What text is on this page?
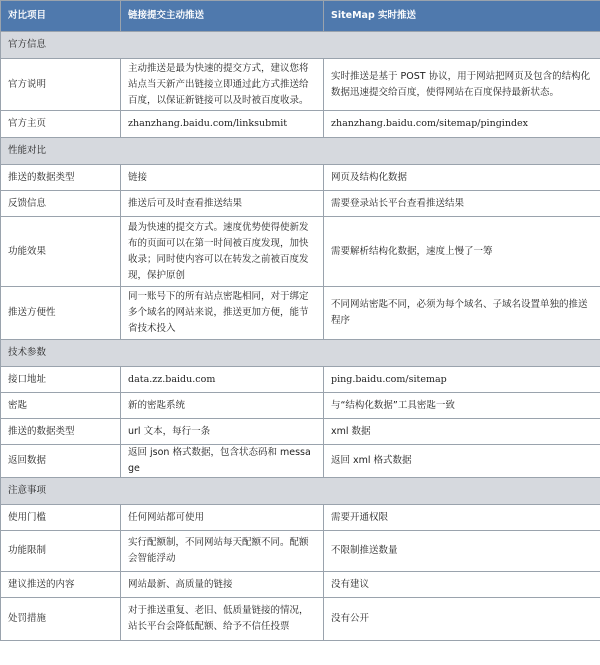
对比项目	链接提交主动推送	SiteMap 实时推送
官方信息		
官方说明	主动推送是最为快速的提交方式，建议您将站点当天新产出链接立即通过此方式推送给百度，以保证新链接可以及时被百度收录。	实时推送是基于 POST 协议，用于网站把网页及包含的结构化数据迅速提交给百度，使得网站在百度保持最新状态。
官方主页	zhanzhang.baidu.com/linksubmit	zhanzhang.baidu.com/sitemap/pingindex
性能对比		
推送的数据类型	链接	网页及结构化数据
反馈信息	推送后可及时查看推送结果	需要登录站长平台查看推送结果
功能效果	最为快速的提交方式。速度优势使得使新发布的页面可以在第一时间被百度发现，加快收录；同时使内容可以在转发之前被百度发现，保护原创	需要解析结构化数据，速度上慢了一筹
推送方便性	同一账号下的所有站点密匙相同，对于绑定多个域名的网站来说，推送更加方便，能节省技术投入	不同网站密匙不同，必须为每个域名、子域名设置单独的推送程序
技术参数		
接口地址	data.zz.baidu.com	ping.baidu.com/sitemap
密匙	新的密匙系统	与“结构化数据”工具密匙一致
推送的数据类型	url 文本，每行一条	xml 数据
返回数据	返回 json 格式数据，包含状态码和 message	返回 xml 格式数据
注意事项		
使用门槛	任何网站都可使用	需要开通权限
功能限制	实行配额制，不同网站每天配额不同。配额会智能浮动	不限制推送数量
建议推送的内容	网站最新、高质量的链接	没有建议
处罚措施	对于推送重复、老旧、低质量链接的情况，站长平台会降低配额、给予不信任投票	没有公开
